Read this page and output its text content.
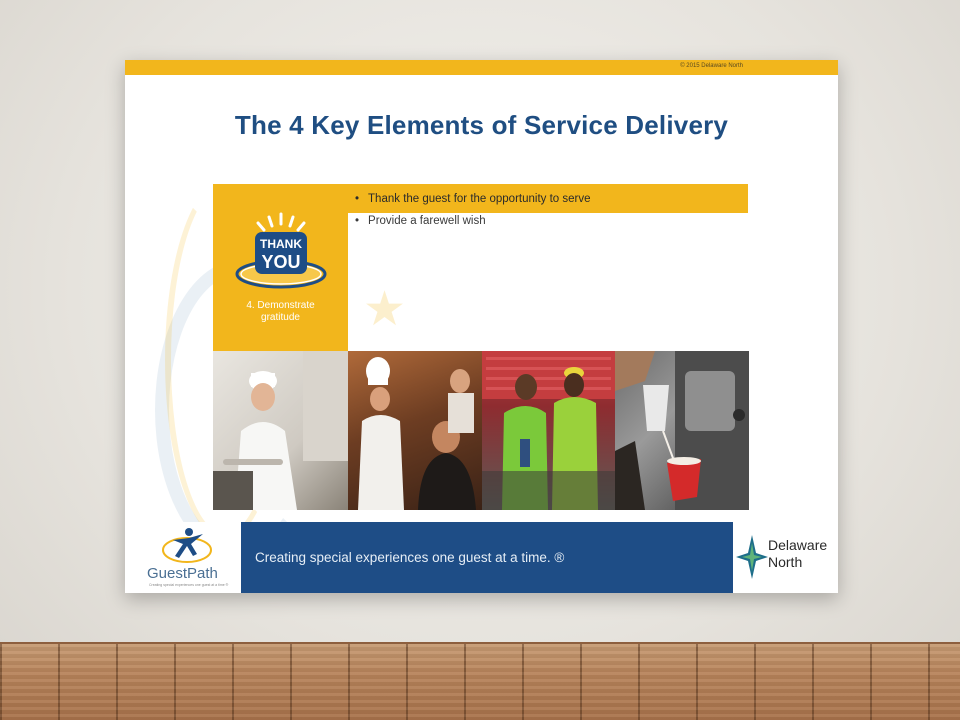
© 2015 Delaware North
★
The 4 Key Elements of Service Delivery
THANK
YOU
4. Demonstrate
gratitude
• Thank the guest for the opportunity to serve
• Provide a farewell wish
GuestPath
Creating special experiences one guest at a time ®
Creating special experiences one guest at a time. ®
Delaware
North
